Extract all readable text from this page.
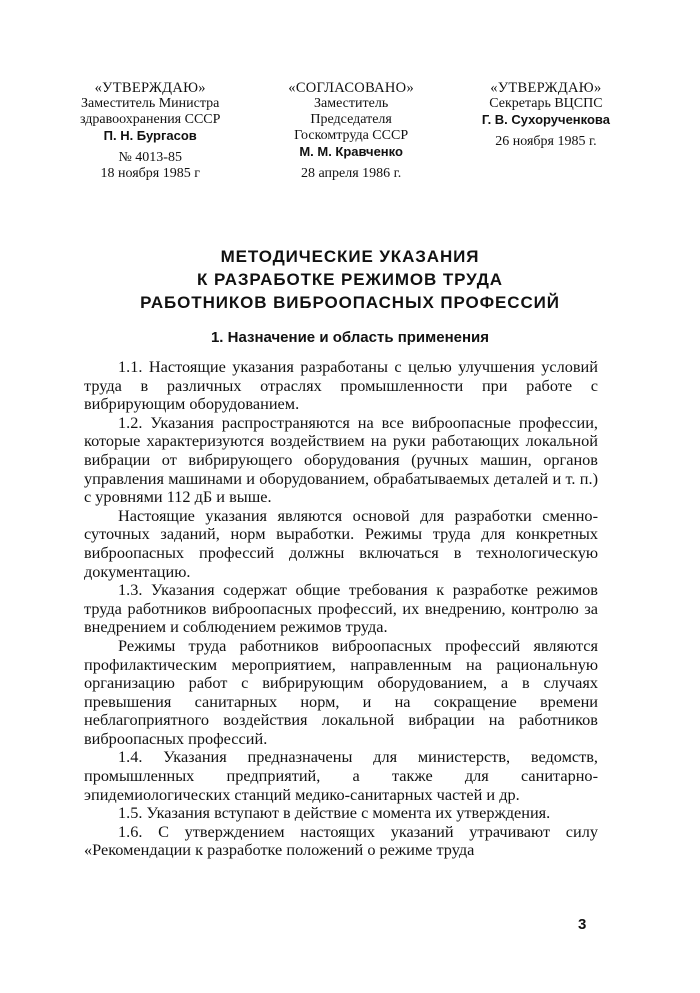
«УТВЕРЖДАЮ»
Заместитель Министра
здравоохранения СССР
П. Н. Бургасов
№ 4013-85
18 ноября 1985 г
«СОГЛАСОВАНО»
Заместитель
Председателя
Госкомтруда СССР
М. М. Кравченко
28 апреля 1986 г.
«УТВЕРЖДАЮ»
Секретарь ВЦСПС
Г. В. Сухорученкова
26 ноября 1985 г.
МЕТОДИЧЕСКИЕ УКАЗАНИЯ
К РАЗРАБОТКЕ РЕЖИМОВ ТРУДА
РАБОТНИКОВ ВИБРООПАСНЫХ ПРОФЕССИЙ
1. Назначение и область применения

1.1. Настоящие указания разработаны с целью улучшения условий труда в различных отраслях промышленности при работе с вибрирующим оборудованием.

1.2. Указания распространяются на все виброопасные профессии, которые характеризуются воздействием на руки работающих локальной вибрации от вибрирующего оборудования (ручных машин, органов управления машинами и оборудованием, обрабатываемых деталей и т. п.) с уровнями 112 дБ и выше.

Настоящие указания являются основой для разработки сменно-суточных заданий, норм выработки. Режимы труда для конкретных виброопасных профессий должны включаться в технологическую документацию.

1.3. Указания содержат общие требования к разработке режимов труда работников виброопасных профессий, их внедрению, контролю за внедрением и соблюдением режимов труда.

Режимы труда работников виброопасных профессий являются профилактическим мероприятием, направленным на рациональную организацию работ с вибрирующим оборудованием, а в случаях превышения санитарных норм, и на сокращение времени неблагоприятного воздействия локальной вибрации на работников виброопасных профессий.

1.4. Указания предназначены для министерств, ведомств, промышленных предприятий, а также для санитарно-эпидемиологических станций медико-санитарных частей и др.

1.5. Указания вступают в действие с момента их утверждения.

1.6. С утверждением настоящих указаний утрачивают силу «Рекомендации к разработке положений о режиме труда

3
